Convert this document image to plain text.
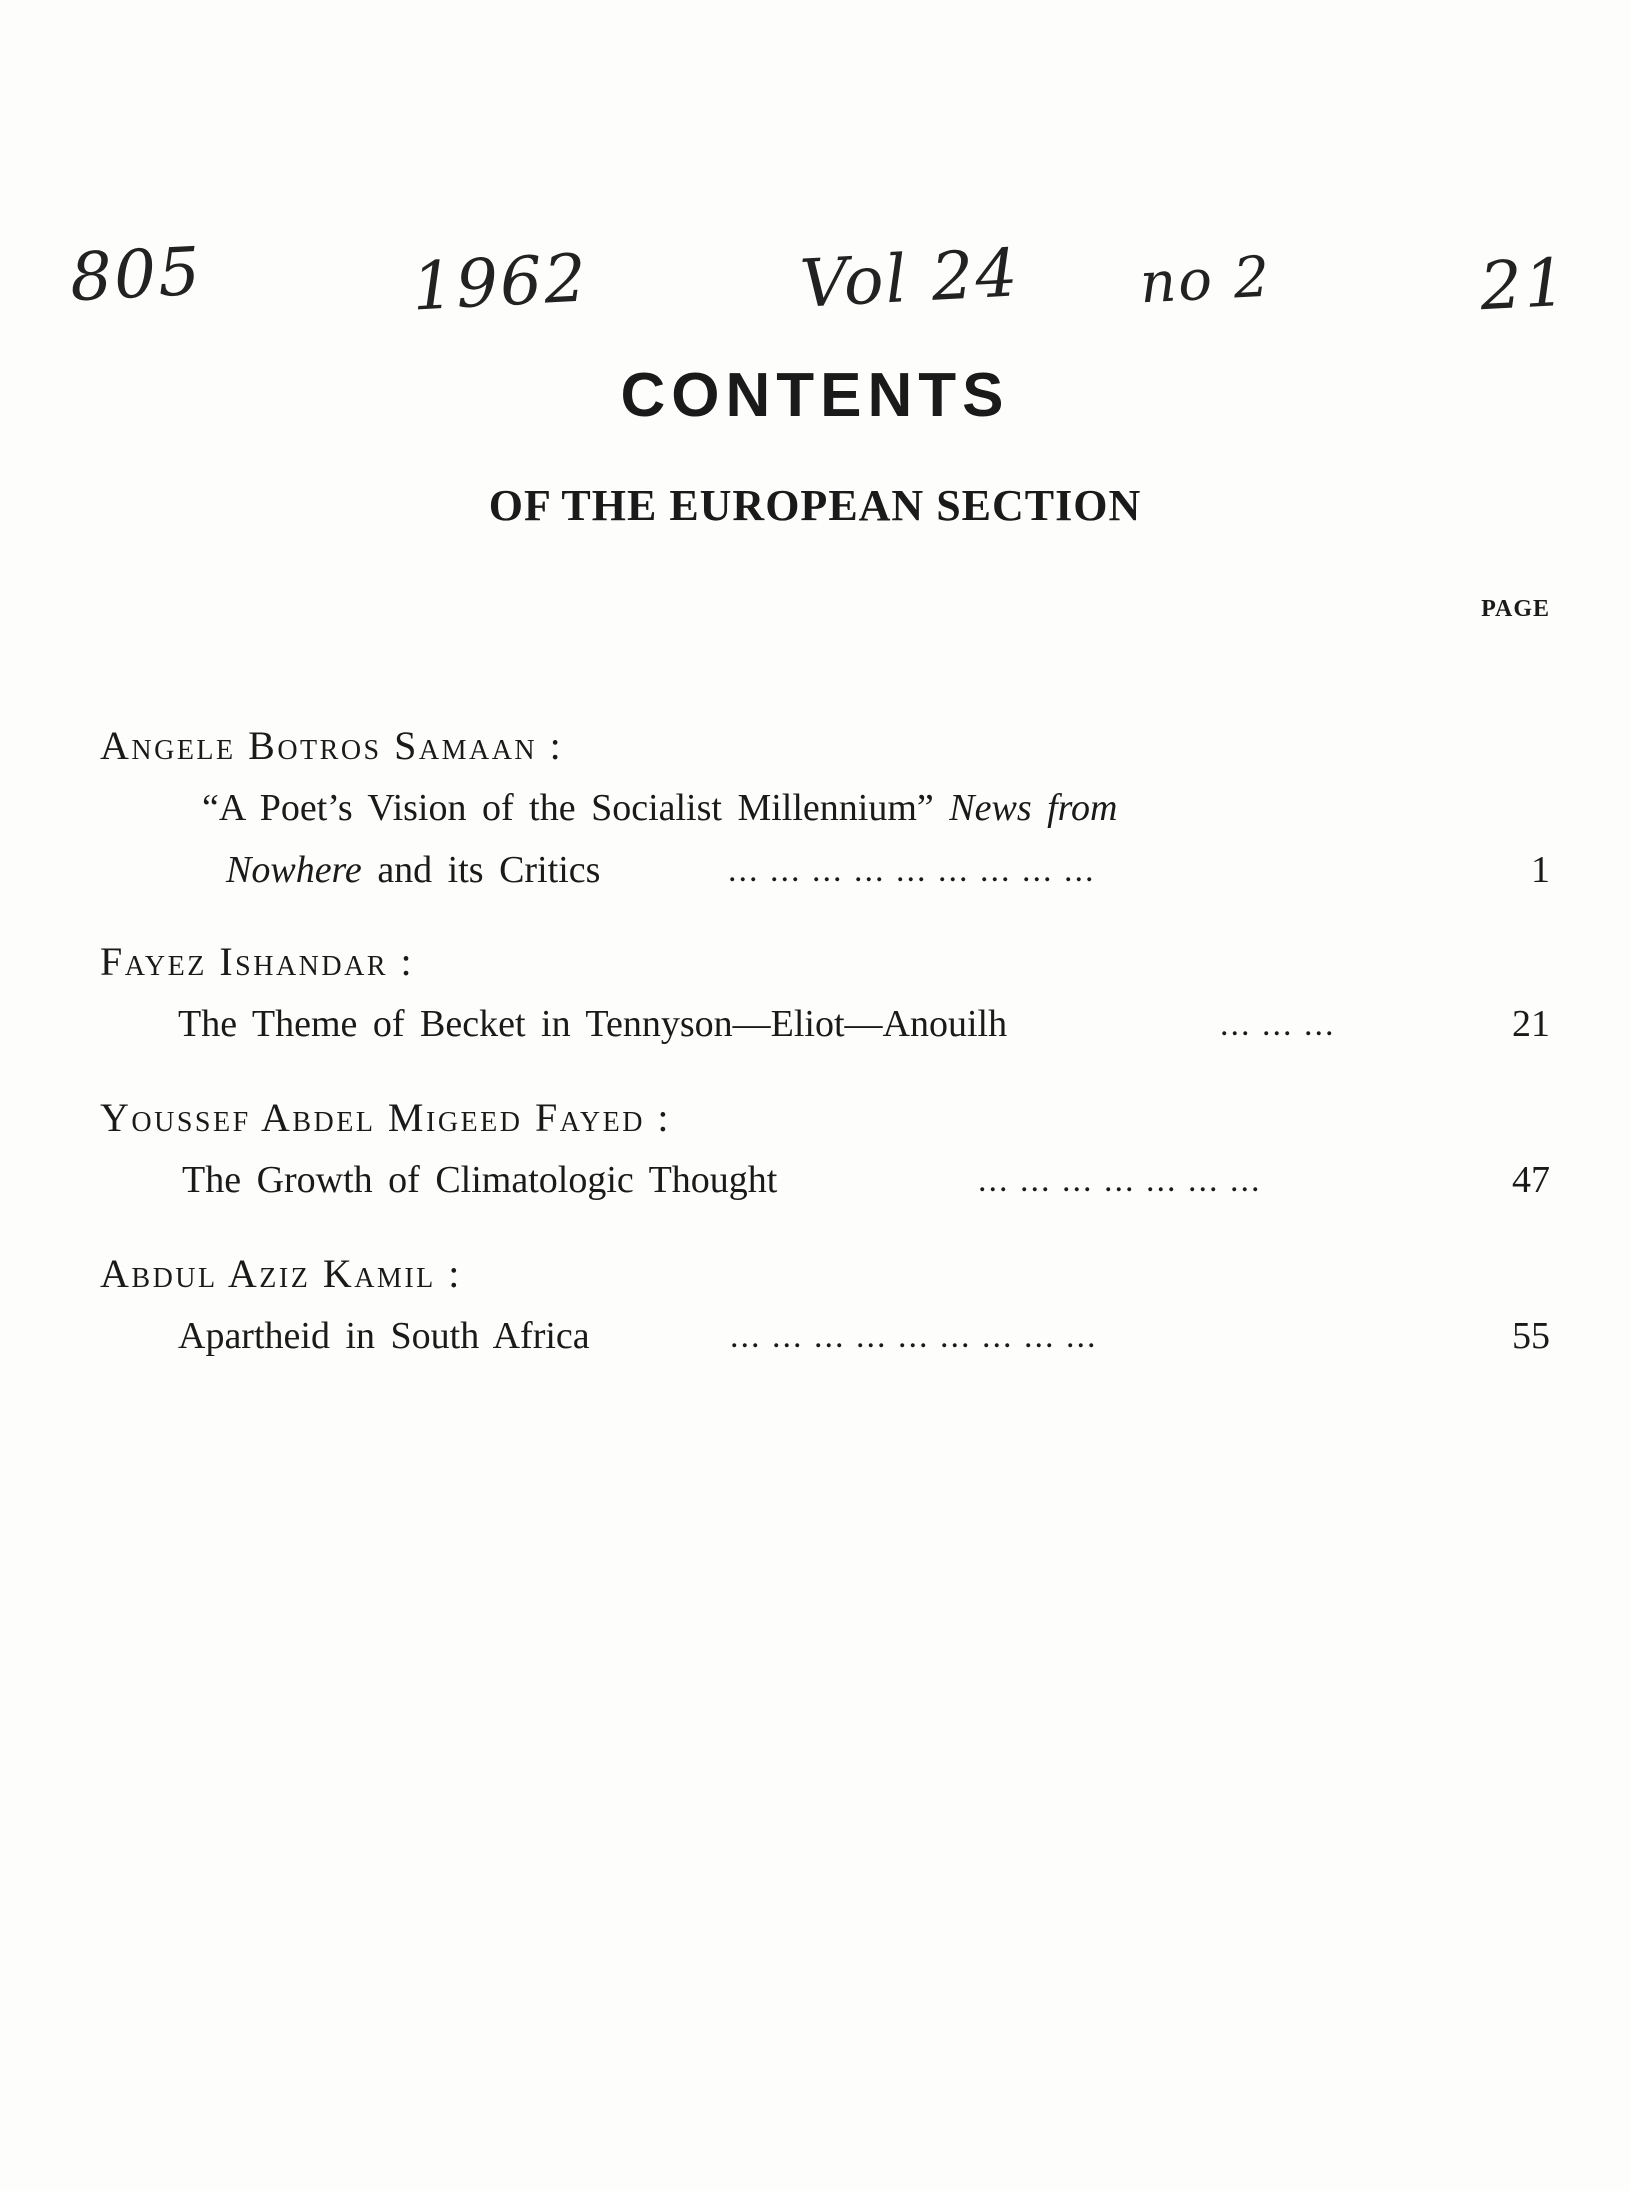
805	1962	Vol 24 no 2	21
CONTENTS
OF THE EUROPEAN SECTION
PAGE
Angele Botros Samaan :
“A Poet’s Vision of the Socialist Millennium” News from
Nowhere and its Critics	... ... ... ... ... ... ... ... ...	1
Fayez Ishandar :
The Theme of Becket in Tennyson—Eliot—Anouilh	... ... ...	21
Youssef Abdel Migeed Fayed :
The Growth of Climatologic Thought	... ... ... ... ... ... ...	47
Abdul Aziz Kamil :
Apartheid in South Africa	... ... ... ... ... ... ... ... ...	55
